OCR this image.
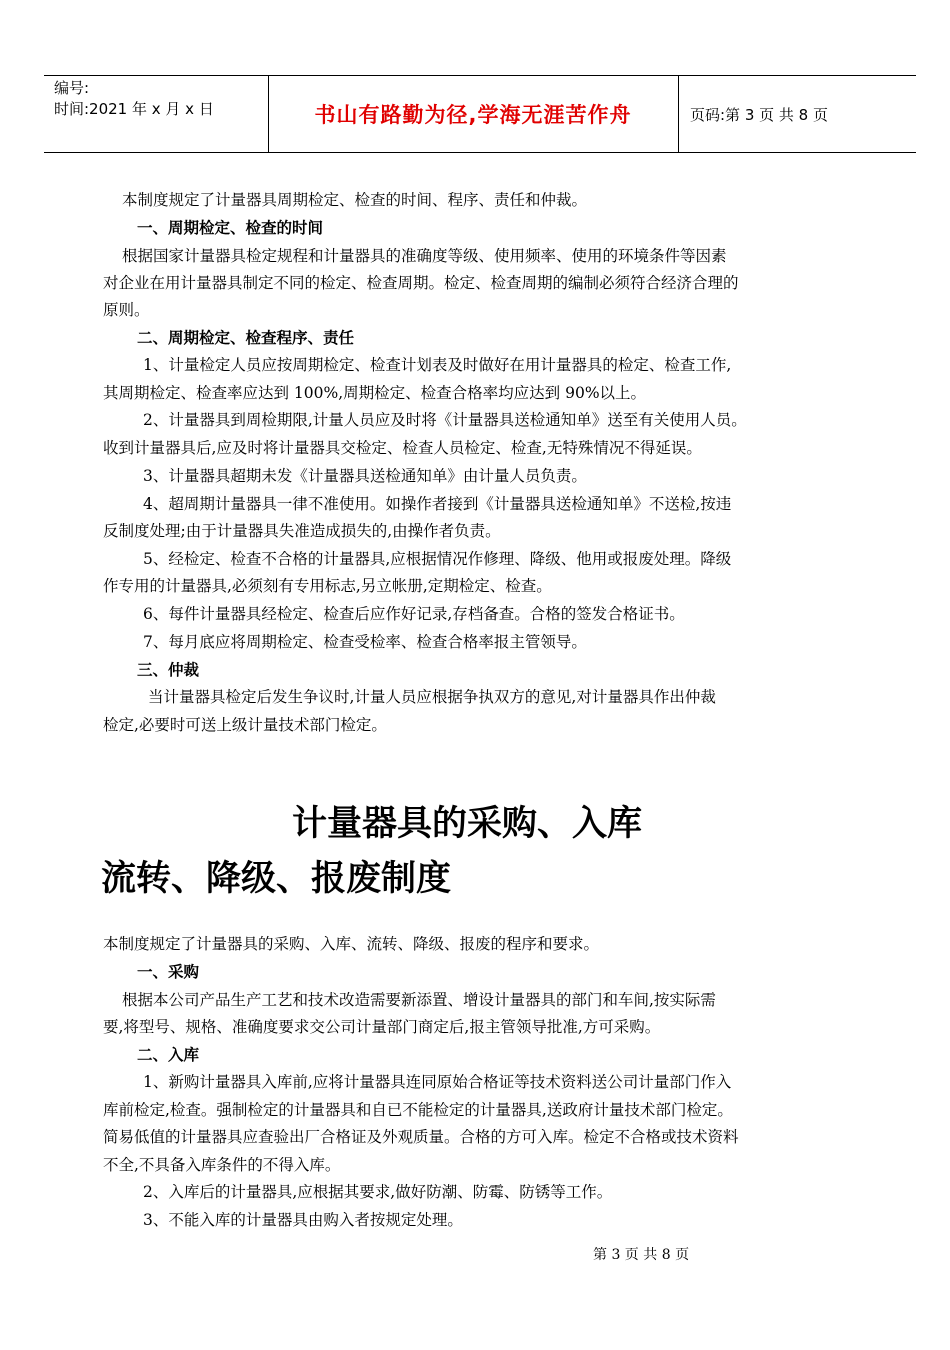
编号:
时间:2021 年 x 月 x 日	书山有路勤为径,学海无涯苦作舟	页码:第 3 页 共 8 页
本制度规定了计量器具周期检定、检查的时间、程序、责任和仲裁。
一、周期检定、检查的时间
根据国家计量器具检定规程和计量器具的准确度等级、使用频率、使用的环境条件等因素
对企业在用计量器具制定不同的检定、检查周期。检定、检查周期的编制必须符合经济合理的
原则。
二、周期检定、检查程序、责任
1、计量检定人员应按周期检定、检查计划表及时做好在用计量器具的检定、检查工作,
其周期检定、检查率应达到 100%,周期检定、检查合格率均应达到 90%以上。
2、计量器具到周检期限,计量人员应及时将《计量器具送检通知单》送至有关使用人员。
收到计量器具后,应及时将计量器具交检定、检查人员检定、检查,无特殊情况不得延误。
3、计量器具超期未发《计量器具送检通知单》由计量人员负责。
4、超周期计量器具一律不准使用。如操作者接到《计量器具送检通知单》不送检,按违
反制度处理;由于计量器具失准造成损失的,由操作者负责。
5、经检定、检查不合格的计量器具,应根据情况作修理、降级、他用或报废处理。降级
作专用的计量器具,必须刻有专用标志,另立帐册,定期检定、检查。
6、每件计量器具经检定、检查后应作好记录,存档备查。合格的签发合格证书。
7、每月底应将周期检定、检查受检率、检查合格率报主管领导。
三、仲裁
当计量器具检定后发生争议时,计量人员应根据争执双方的意见,对计量器具作出仲裁
检定,必要时可送上级计量技术部门检定。
计量器具的采购、入库
流转、降级、报废制度
本制度规定了计量器具的采购、入库、流转、降级、报废的程序和要求。
一、采购
根据本公司产品生产工艺和技术改造需要新添置、增设计量器具的部门和车间,按实际需
要,将型号、规格、准确度要求交公司计量部门商定后,报主管领导批准,方可采购。
二、入库
1、新购计量器具入库前,应将计量器具连同原始合格证等技术资料送公司计量部门作入
库前检定,检查。强制检定的计量器具和自已不能检定的计量器具,送政府计量技术部门检定。
简易低值的计量器具应查验出厂合格证及外观质量。合格的方可入库。检定不合格或技术资料
不全,不具备入库条件的不得入库。
2、入库后的计量器具,应根据其要求,做好防潮、防霉、防锈等工作。
3、不能入库的计量器具由购入者按规定处理。
第 3 页 共 8 页
